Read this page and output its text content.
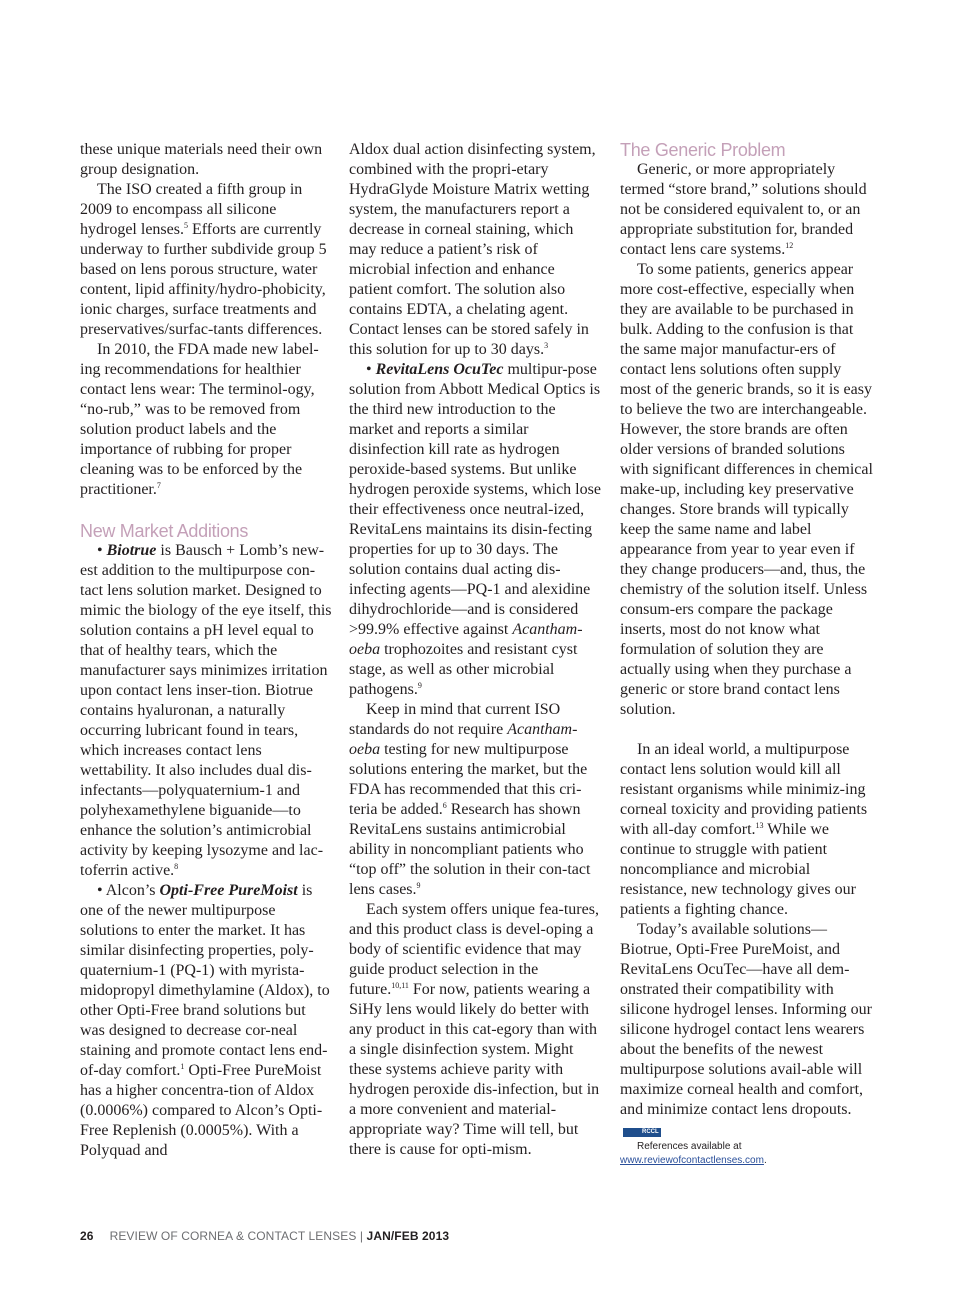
these unique materials need their own group designation.

The ISO created a fifth group in 2009 to encompass all silicone hydrogel lenses.$^5$ Efforts are currently underway to further subdivide group 5 based on lens porous structure, water content, lipid affinity/hydro-phobicity, ionic charges, surface treatments and preservatives/surfac-tants differences.

In 2010, the FDA made new label-ing recommendations for healthier contact lens wear: The terminol-ogy, “no-rub,” was to be removed from solution product labels and the importance of rubbing for proper cleaning was to be enforced by the practitioner.$^7$

New Market Additions

• Biotrue is Bausch + Lomb’s new-est addition to the multipurpose con-tact lens solution market. Designed to mimic the biology of the eye itself, this solution contains a pH level equal to that of healthy tears, which the manufacturer says minimizes irritation upon contact lens inser-tion. Biotrue contains hyaluronan, a naturally occurring lubricant found in tears, which increases contact lens wettability. It also includes dual dis-infectants—polyquaternium-1 and polyhexamethylene biguanide—to enhance the solution’s antimicrobial activity by keeping lysozyme and lac-toferrin active.$^8$

• Alcon’s Opti-Free PureMoist is one of the newer multipurpose solutions to enter the market. It has similar disinfecting properties, poly-quaternium-1 (PQ-1) with myrista-midopropyl dimethylamine (Aldox), to other Opti-Free brand solutions but was designed to decrease cor-neal staining and promote contact lens end-of-day comfort.$^1$ Opti-Free PureMoist has a higher concentra-tion of Aldox (0.0006%) compared to Alcon’s Opti-Free Replenish (0.0005%). With a Polyquad and

Aldox dual action disinfecting system, combined with the propri-etary HydraGlyde Moisture Matrix wetting system, the manufacturers report a decrease in corneal staining, which may reduce a patient’s risk of microbial infection and enhance patient comfort. The solution also contains EDTA, a chelating agent. Contact lenses can be stored safely in this solution for up to 30 days.$^3$

• RevitaLens OcuTec multipur-pose solution from Abbott Medical Optics is the third new introduction to the market and reports a similar disinfection kill rate as hydrogen peroxide-based systems. But unlike hydrogen peroxide systems, which lose their effectiveness once neutral-ized, RevitaLens maintains its disin-fecting properties for up to 30 days. The solution contains dual acting dis-infecting agents—PQ-1 and alexidine dihydrochloride—and is considered >99.9% effective against Acantham-oeba trophozoites and resistant cyst stage, as well as other microbial pathogens.$^9$

Keep in mind that current ISO standards do not require Acantham-oeba testing for new multipurpose solutions entering the market, but the FDA has recommended that this cri-teria be added.$^6$ Research has shown RevitaLens sustains antimicrobial ability in noncompliant patients who “top off” the solution in their con-tact lens cases.$^9$

Each system offers unique fea-tures, and this product class is devel-oping a body of scientific evidence that may guide product selection in the future.$^{10,11}$ For now, patients wearing a SiHy lens would likely do better with any product in this cat-egory than with a single disinfection system. Might these systems achieve parity with hydrogen peroxide dis-infection, but in a more convenient and material-appropriate way? Time will tell, but there is cause for opti-mism.

The Generic Problem

Generic, or more appropriately termed “store brand,” solutions should not be considered equivalent to, or an appropriate substitution for, branded contact lens care systems.$^{12}$

To some patients, generics appear more cost-effective, especially when they are available to be purchased in bulk. Adding to the confusion is that the same major manufactur-ers of contact lens solutions often supply most of the generic brands, so it is easy to believe the two are interchangeable. However, the store brands are often older versions of branded solutions with significant differences in chemical make-up, including key preservative changes. Store brands will typically keep the same name and label appearance from year to year even if they change producers—and, thus, the chemistry of the solution itself. Unless consum-ers compare the package inserts, most do not know what formulation of solution they are actually using when they purchase a generic or store brand contact lens solution.

In an ideal world, a multipurpose contact lens solution would kill all resistant organisms while minimiz-ing corneal toxicity and providing patients with all-day comfort.$^{13}$ While we continue to struggle with patient noncompliance and microbial resistance, new technology gives our patients a fighting chance.

Today’s available solutions—Biotrue, Opti-Free PureMoist, and RevitaLens OcuTec—have all dem-onstrated their compatibility with silicone hydrogel lenses. Informing our silicone hydrogel contact lens wearers about the benefits of the newest multipurpose solutions avail-able will maximize corneal health and comfort, and minimize contact lens dropouts.RCCL

References available at www.reviewofcontactlenses.com.

26 REVIEW OF CORNEA & CONTACT LENSES | JAN/FEB 2013
